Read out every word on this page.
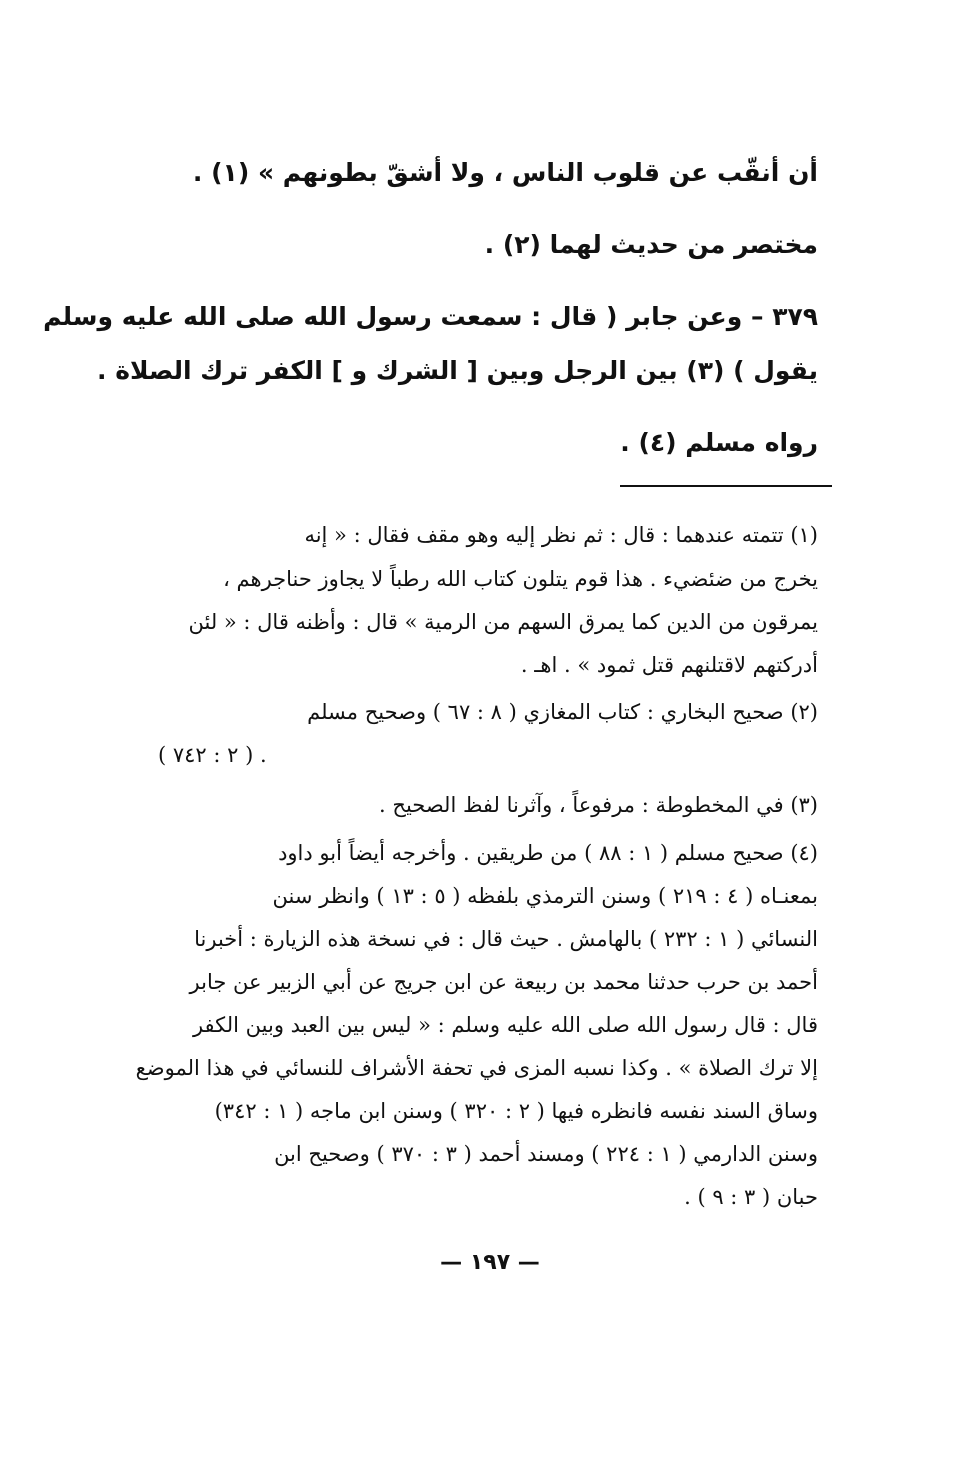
أن أنقّب عن قلوب الناس ، ولا أشقّ بطونهم » (١) .
مختصر من حديث لهما (٢) .
٣٧٩ – وعن جابر ( قال : سمعت رسول الله صلى الله عليه وسلم
يقول ) (٣) بين الرجل وبين [ الشرك و ] الكفر ترك الصلاة .
رواه مسلم (٤) .
(١) تتمته عندهما : قال : ثم نظر إليه وهو مقف فقال : « إنه
يخرج من ضئضيء . هذا قوم يتلون كتاب الله رطباً لا يجاوز حناجرهم ،
يمرقون من الدين كما يمرق السهم من الرمية » قال : وأظنه قال : « لئن
أدركتهم لاقتلنهم قتل ثمود » . اهـ .
(٢) صحيح البخاري : كتاب المغازي ( ٨ : ٦٧ ) وصحيح مسلم
( ٢ : ٧٤٢ ) .
(٣) في المخطوطة : مرفوعاً ، وآثرنا لفظ الصحيح .
(٤) صحيح مسلم ( ١ : ٨٨ ) من طريقين . وأخرجه أيضاً أبو داود
بمعنـاه ( ٤ : ٢١٩ ) وسنن الترمذي بلفظه ( ٥ : ١٣ ) وانظر سنن
النسائي ( ١ : ٢٣٢ ) بالهامش . حيث قال : في نسخة هذه الزيارة : أخبرنا
أحمد بن حرب حدثنا محمد بن ربيعة عن ابن جريج عن أبي الزبير عن جابر
قال : قال رسول الله صلى الله عليه وسلم : « ليس بين العبد وبين الكفر
إلا ترك الصلاة » . وكذا نسبه المزى في تحفة الأشراف للنسائي في هذا الموضع
وساق السند نفسه فانظره فيها ( ٢ : ٣٢٠ ) وسنن ابن ماجه ( ١ : ٣٤٢)
وسنن الدارمي ( ١ : ٢٢٤ ) ومسند أحمد ( ٣ : ٣٧٠ ) وصحيح ابن
حبان ( ٣ : ٩ ) .
— ١٩٧ —
